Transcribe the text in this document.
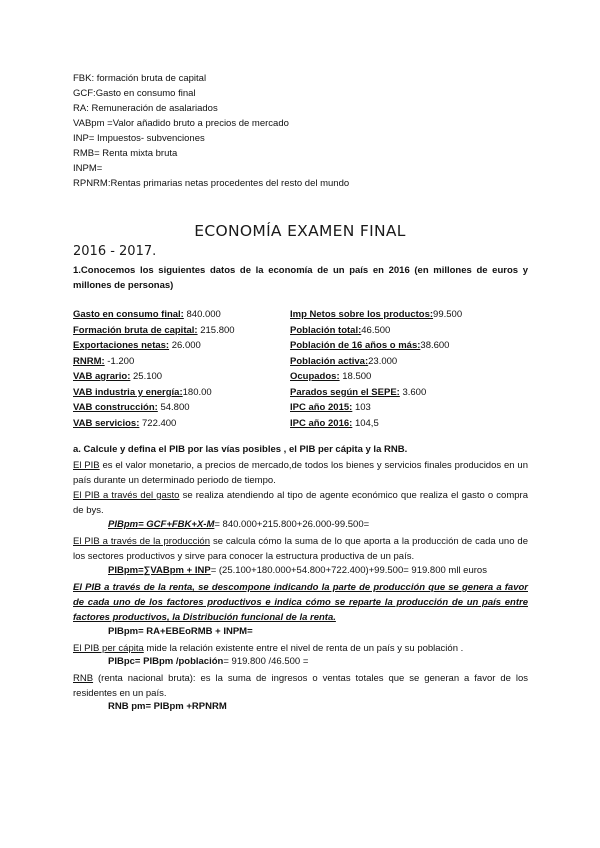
FBK: formación bruta de capital
GCF:Gasto en consumo final
RA: Remuneración de asalariados
VABpm =Valor añadido bruto a precios de mercado
INP= Impuestos- subvenciones
RMB= Renta mixta bruta
INPM=
RPNRM:Rentas primarias netas procedentes del resto del mundo
ECONOMÍA EXAMEN FINAL
2016 - 2017.
1.Conocemos los siguientes datos de la economía de un país en 2016 (en millones de euros y millones de personas)
Gasto en consumo final: 840.000
Formación bruta de capital: 215.800
Exportaciones netas: 26.000
RNRM: -1.200
VAB agrario: 25.100
VAB industria y energía:180.00
VAB construcción: 54.800
VAB servicios: 722.400
Imp Netos sobre los productos:99.500
Población total:46.500
Población de 16 años o más:38.600
Población activa:23.000
Ocupados: 18.500
Parados según el SEPE: 3.600
IPC año 2015: 103
IPC año 2016: 104,5
a. Calcule y defina el PIB por las vías posibles , el PIB per cápita y la RNB.
El PIB es el valor monetario, a precios de mercado,de todos los bienes y servicios finales producidos en un país durante un determinado periodo de tiempo.
El PIB a través del gasto se realiza atendiendo al tipo de agente económico que realiza el gasto o compra de bys.
PIBpm= GCF+FBK+X-M= 840.000+215.800+26.000-99.500=
El PIB a través de la producción se calcula cómo la suma de lo que aporta a la producción de cada uno de los sectores productivos y sirve para conocer la estructura productiva de un país.
PIBpm=∑VABpm + INP= (25.100+180.000+54.800+722.400)+99.500= 919.800 mll euros
El PIB a través de la renta, se descompone indicando la parte de producción que se genera a favor de cada uno de los factores productivos e indica cómo se reparte la producción de un país entre factores productivos, la Distribución funcional de la renta.
PIBpm= RA+EBEoRMB + INPM=
El PIB per cápita mide la relación existente entre el nivel de renta de un país y su población .
PIBpc= PIBpm /población= 919.800 /46.500 =
RNB (renta nacional bruta): es la suma de ingresos o ventas totales que se generan a favor de los residentes en un país.
RNB pm= PIBpm +RPNRM
